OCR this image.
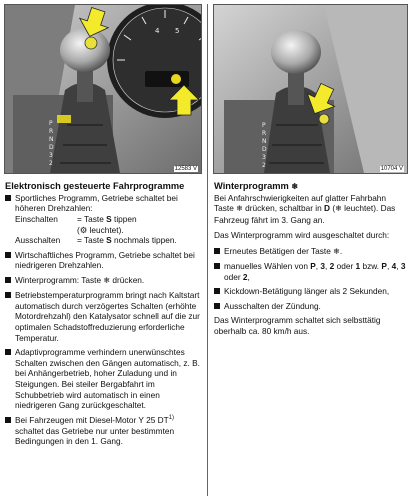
4 5
P
R
N
D
3
2
12583 V
P
R
N
D
3
2	10704 V
Elektronisch gesteuerte Fahrprogramme
Sportliches Programm, Getriebe schaltet bei höheren Drehzahlen:
Einschalten	= Taste S tippen
(⚙ leuchtet).
Ausschalten	= Taste S nochmals tippen.
Wirtschaftliches Programm, Getriebe schaltet bei niedrigeren Drehzahlen.
Winterprogramm: Taste ❄ drücken.
Betriebstemperaturprogramm bringt nach Kaltstart automatisch durch verzögertes Schalten (erhöhte Motordrehzahl) den Katalysator schnell auf die zur optimalen Schadstoffreduzierung erforderliche Temperatur.
Adaptivprogramme verhindern unerwünschtes Schalten zwischen den Gängen automatisch, z. B. bei Anhängerbetrieb, hoher Zuladung und in Steigungen. Bei steiler Bergabfahrt im Schubbetrieb wird automatisch in einen niedrigeren Gang zurückgeschaltet.
Bei Fahrzeugen mit Diesel-Motor Y 25 DT$^{1)}$ schaltet das Getriebe nur unter bestimmten Bedingungen in den 1. Gang.
Winterprogramm ❄

Bei Anfahrschwierigkeiten auf glatter Fahrbahn Taste ❄ drücken, schaltbar in D (❄ leuchtet). Das Fahrzeug fährt im 3. Gang an.

Das Winterprogramm wird ausgeschaltet durch:

Erneutes Betätigen der Taste ❄.
manuelles Wählen von P, 3, 2 oder 1 bzw. P, 4, 3 oder 2,
Kickdown-Betätigung länger als 2 Sekunden,
Ausschalten der Zündung.

Das Winterprogramm schaltet sich selbsttätig oberhalb ca. 80 km/h aus.
